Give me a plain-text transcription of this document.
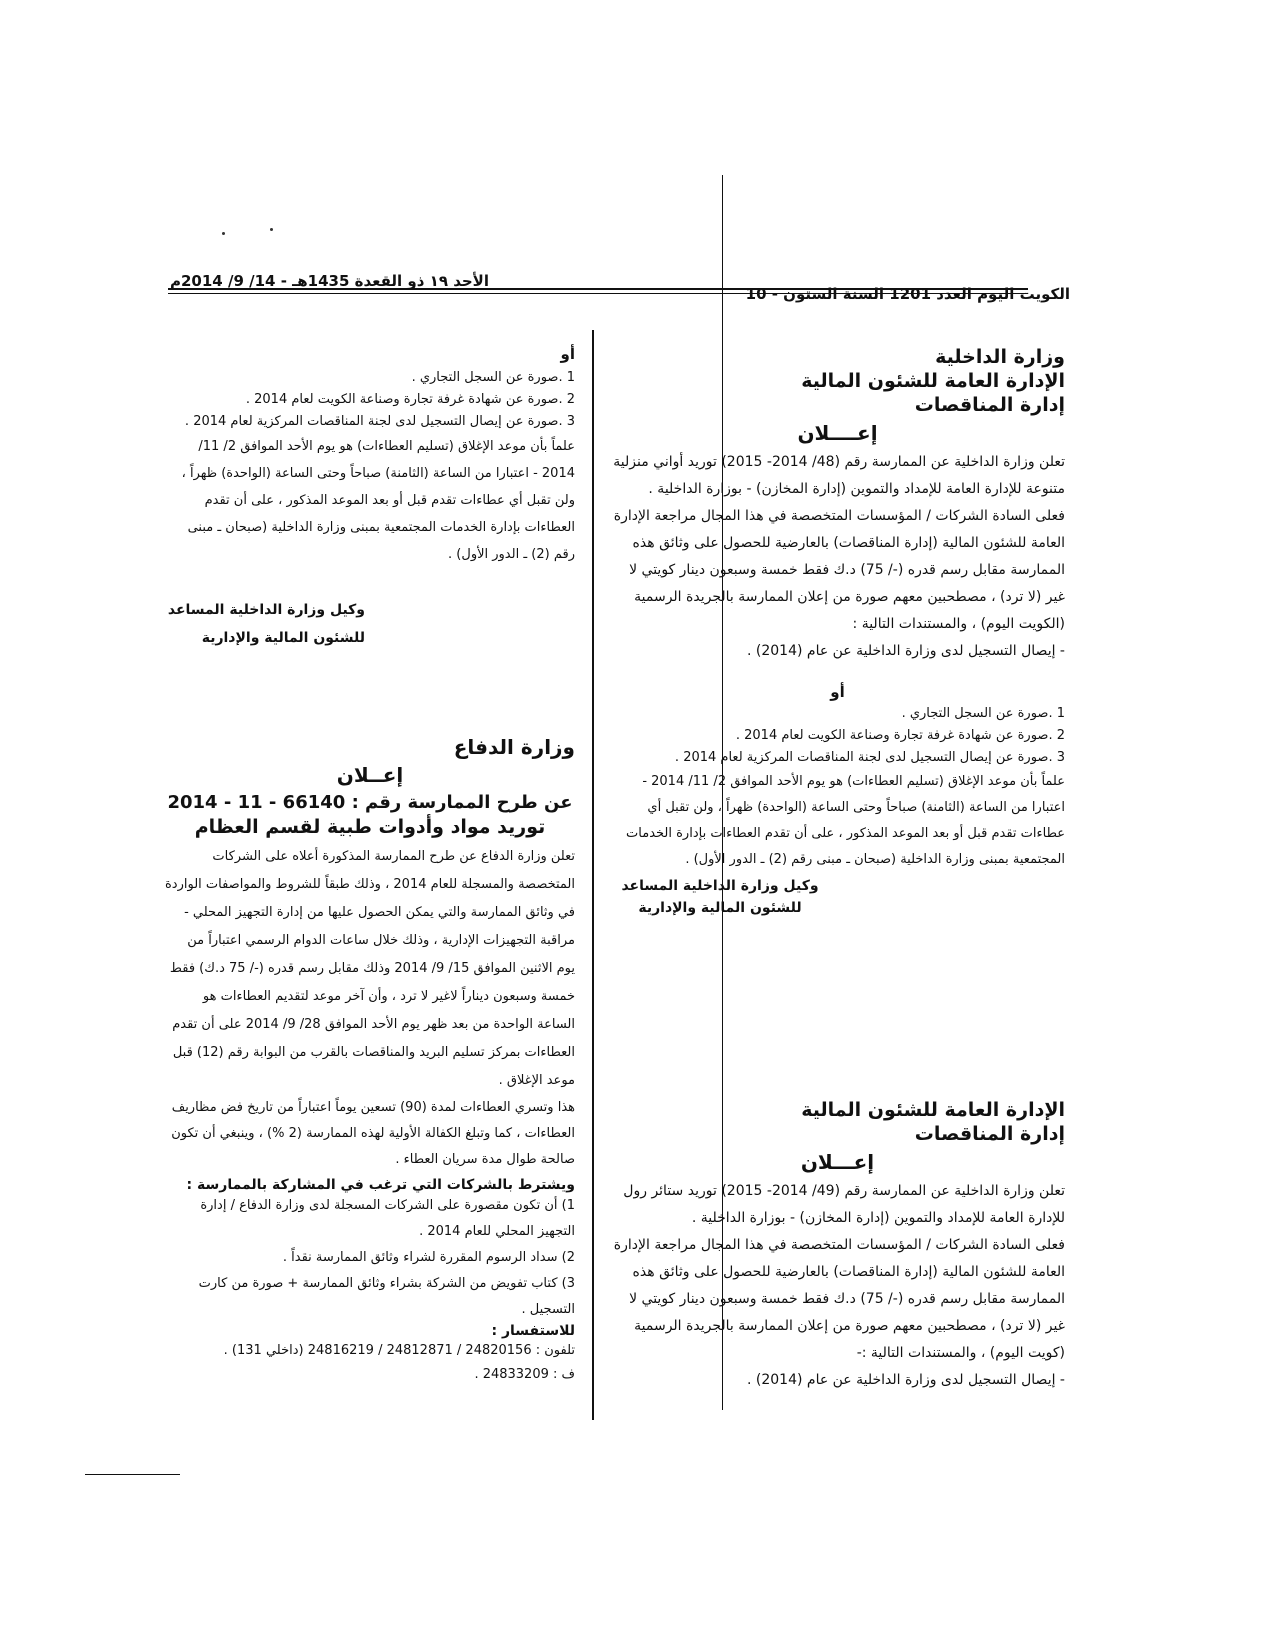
الكويت اليوم العدد 1201 السنة الستون - 10
الأحد ١٩ ذو القعدة 1435هـ - 14/ 9/ 2014م

وزارة الداخلية

الإدارة العامة للشئون المالية

إدارة المناقصات

إعــــلان

تعلن وزارة الداخلية عن الممارسة رقم (48/ 2014- 2015) توريد أواني منزلية متنوعة للإدارة العامة للإمداد والتموين (إدارة المخازن) - بوزارة الداخلية .

فعلى السادة الشركات / المؤسسات المتخصصة في هذا المجال مراجعة الإدارة العامة للشئون المالية (إدارة المناقصات) بالعارضية للحصول على وثائق هذه الممارسة مقابل رسم قدره (-/ 75) د.ك فقط خمسة وسبعون دينار كويتي لا غير (لا ترد) ، مصطحبين معهم صورة من إعلان الممارسة بالجريدة الرسمية (الكويت اليوم) ، والمستندات التالية :

- إيصال التسجيل لدى وزارة الداخلية عن عام (2014) .

أو

1 .صورة عن السجل التجاري .
2 .صورة عن شهادة غرفة تجارة وصناعة الكويت لعام 2014 .
3 .صورة عن إيصال التسجيل لدى لجنة المناقصات المركزية لعام 2014 .

علماً بأن موعد الإغلاق (تسليم العطاءات) هو يوم الأحد الموافق 2/ 11/ 2014 - اعتبارا من الساعة (الثامنة) صباحاً وحتى الساعة (الواحدة) ظهراً ، ولن تقبل أي عطاءات تقدم قبل أو بعد الموعد المذكور ، على أن تقدم العطاءات بإدارة الخدمات المجتمعية بمبنى وزارة الداخلية (صبحان ـ مبنى رقم (2) ـ الدور الأول) .

وكيل وزارة الداخلية المساعد
للشئون المالية والإدارية

أو

1 .صورة عن السجل التجاري .
2 .صورة عن شهادة غرفة تجارة وصناعة الكويت لعام 2014 .
3 .صورة عن إيصال التسجيل لدى لجنة المناقصات المركزية لعام 2014 .

علماً بأن موعد الإغلاق (تسليم العطاءات) هو يوم الأحد الموافق 2/ 11/ 2014 - اعتبارا من الساعة (الثامنة) صباحاً وحتى الساعة (الواحدة) ظهراً ، ولن تقبل أي عطاءات تقدم قبل أو بعد الموعد المذكور ، على أن تقدم العطاءات بإدارة الخدمات المجتمعية بمبنى وزارة الداخلية (صبحان ـ مبنى رقم (2) ـ الدور الأول) .

وكيل وزارة الداخلية المساعد
للشئون المالية والإدارية

وزارة الدفاع

إعــلان

عن طرح الممارسة رقم : 66140 - 11 - 2014

توريد مواد وأدوات طبية لقسم العظام

تعلن وزارة الدفاع عن طرح الممارسة المذكورة أعلاه على الشركات المتخصصة والمسجلة للعام 2014 ، وذلك طبقاً للشروط والمواصفات الواردة في وثائق الممارسة والتي يمكن الحصول عليها من إدارة التجهيز المحلي - مراقبة التجهيزات الإدارية ، وذلك خلال ساعات الدوام الرسمي اعتباراً من يوم الاثنين الموافق 15/ 9/ 2014 وذلك مقابل رسم قدره (-/ 75 د.ك) فقط خمسة وسبعون ديناراً لاغير لا ترد ، وأن آخر موعد لتقديم العطاءات هو الساعة الواحدة من بعد ظهر يوم الأحد الموافق 28/ 9/ 2014 على أن تقدم العطاءات بمركز تسليم البريد والمناقصات بالقرب من البوابة رقم (12) قبل موعد الإغلاق .

هذا وتسري العطاءات لمدة (90) تسعين يوماً اعتباراً من تاريخ فض مظاريف العطاءات ، كما وتبلغ الكفالة الأولية لهذه الممارسة (2 %) ، وينبغي أن تكون صالحة طوال مدة سريان العطاء .

ويشترط بالشركات التي ترغب في المشاركة بالممارسة :

1) أن تكون مقصورة على الشركات المسجلة لدى وزارة الدفاع / إدارة التجهيز المحلي للعام 2014 .
2) سداد الرسوم المقررة لشراء وثائق الممارسة نقداً .
3) كتاب تفويض من الشركة بشراء وثائق الممارسة + صورة من كارت التسجيل .

للاستفسار :

تلفون : 24820156 / 24812871 / 24816219 (داخلي 131) .

ف : 24833209 .

الإدارة العامة للشئون المالية

إدارة المناقصات

إعـــلان

تعلن وزارة الداخلية عن الممارسة رقم (49/ 2014- 2015) توريد ستائر رول للإدارة العامة للإمداد والتموين (إدارة المخازن) - بوزارة الداخلية .

فعلى السادة الشركات / المؤسسات المتخصصة في هذا المجال مراجعة الإدارة العامة للشئون المالية (إدارة المناقصات) بالعارضية للحصول على وثائق هذه الممارسة مقابل رسم قدره (-/ 75) د.ك فقط خمسة وسبعون دينار كويتي لا غير (لا ترد) ، مصطحبين معهم صورة من إعلان الممارسة بالجريدة الرسمية (كويت اليوم) ، والمستندات التالية :-

- إيصال التسجيل لدى وزارة الداخلية عن عام (2014) .
